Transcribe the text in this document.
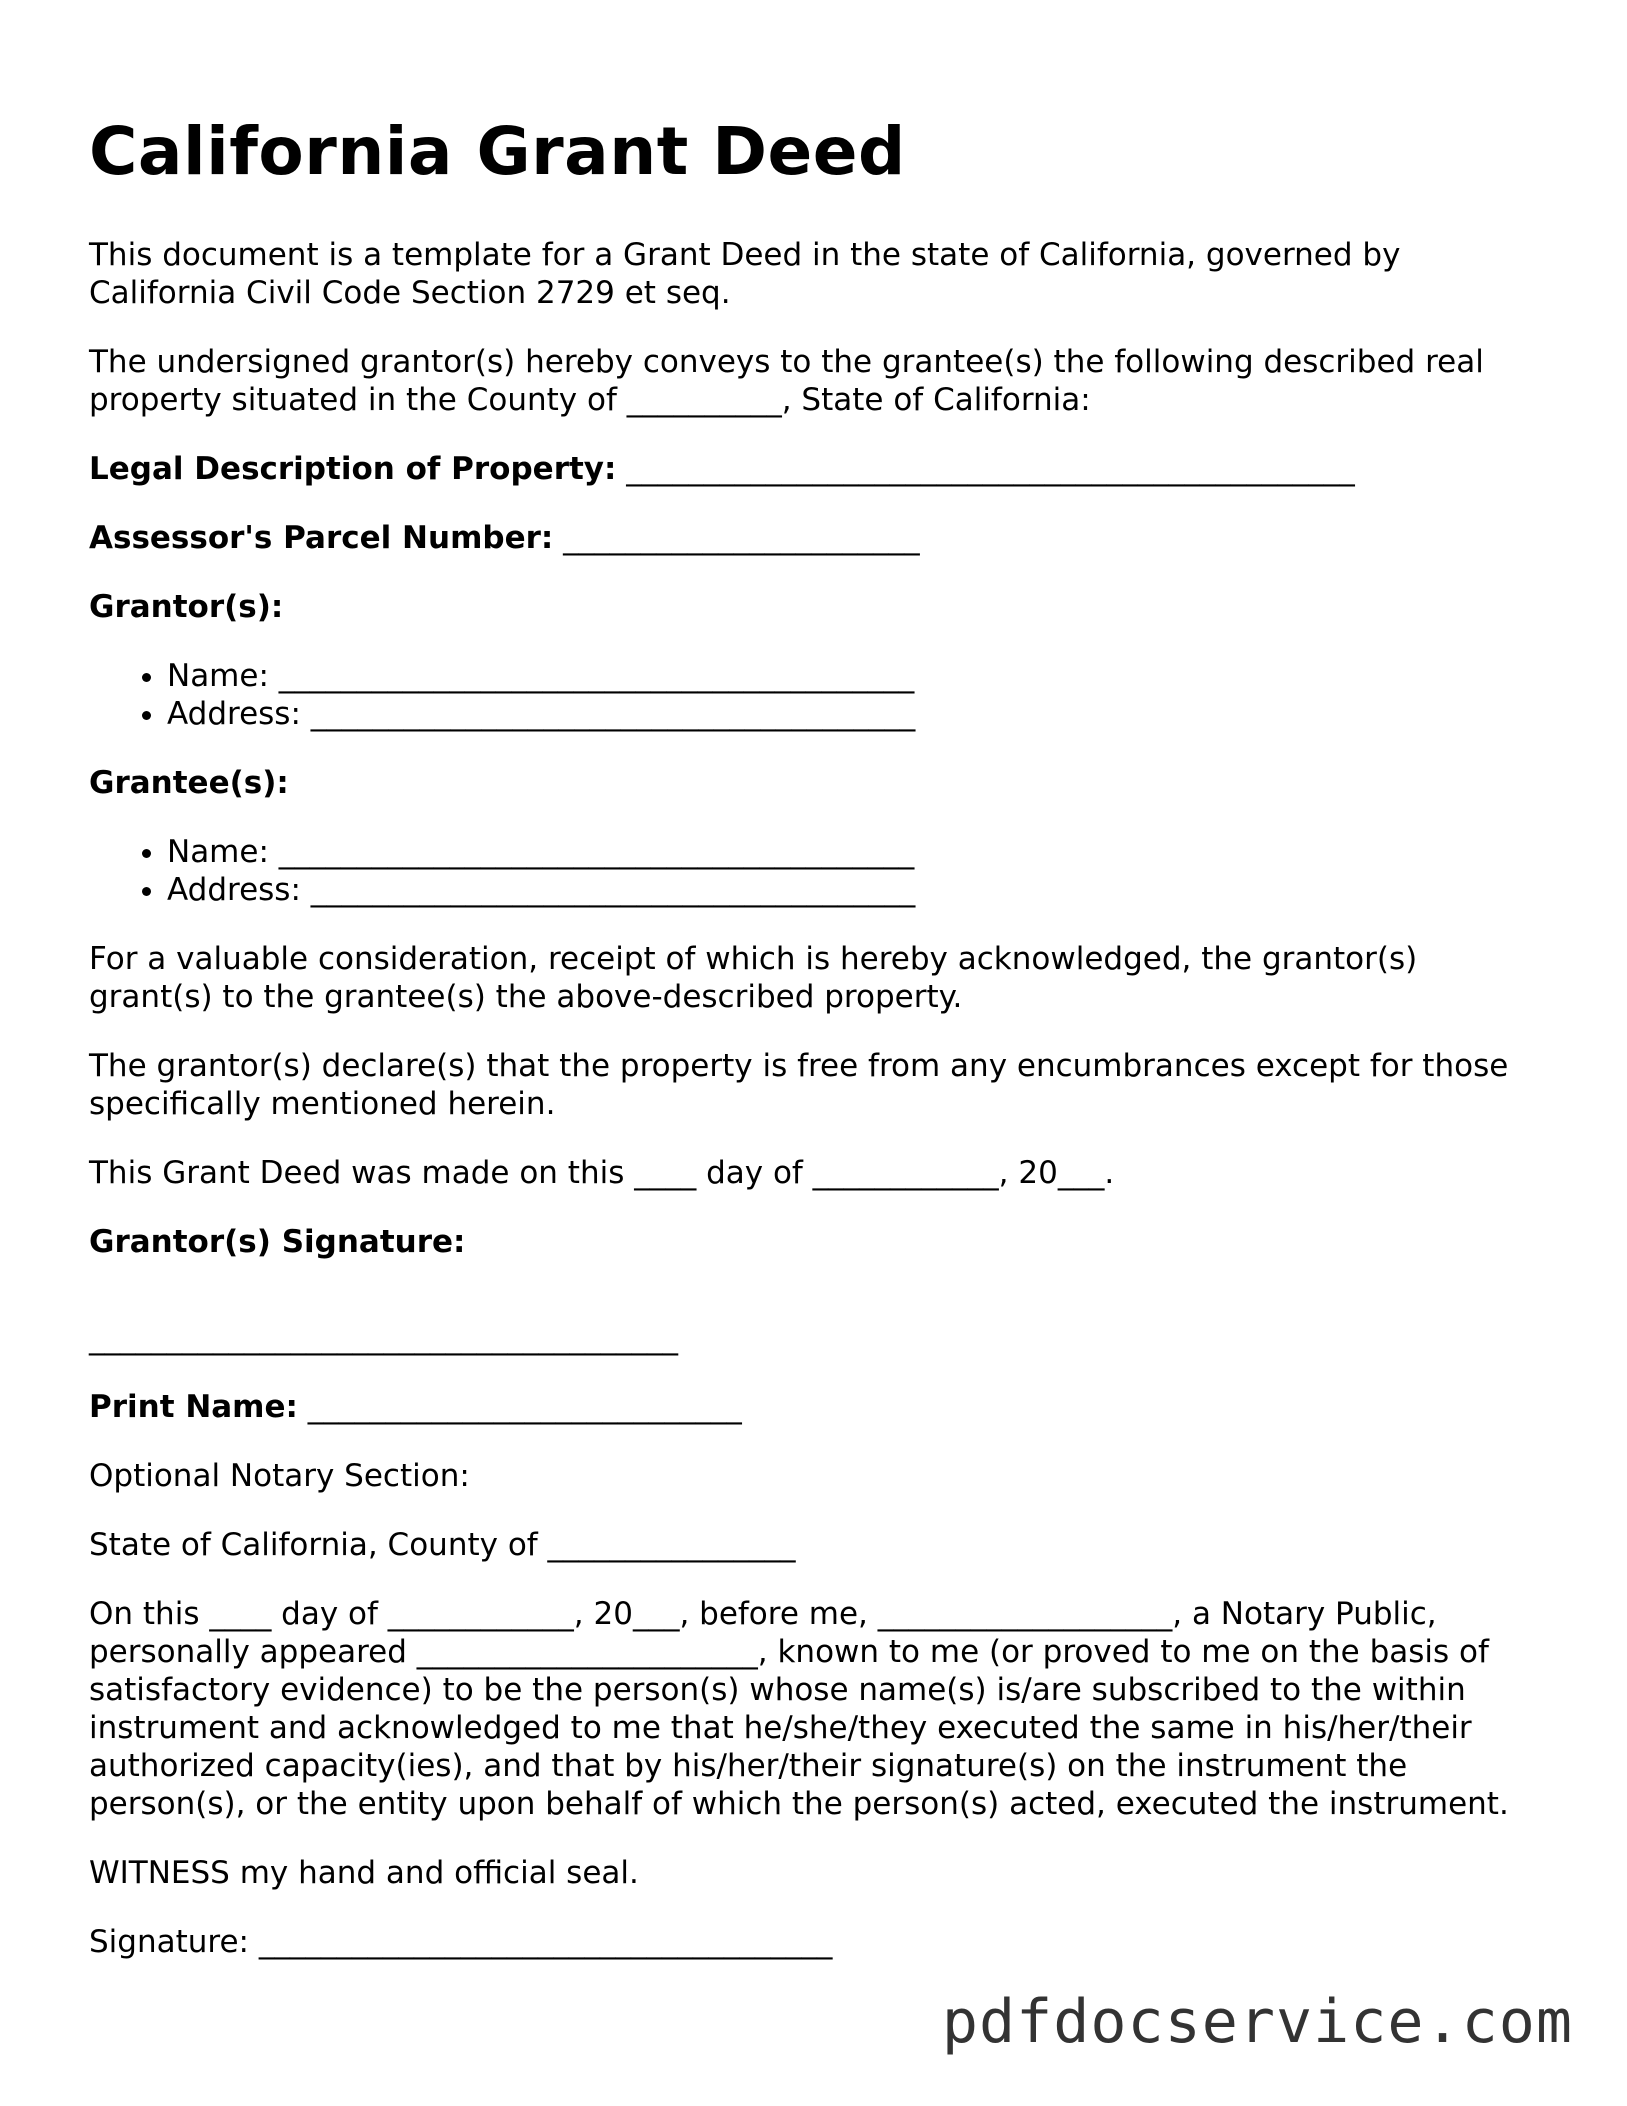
California Grant Deed

This document is a template for a Grant Deed in the state of California, governed by California Civil Code Section 2729 et seq.

The undersigned grantor(s) hereby conveys to the grantee(s) the following described real property situated in the County of __________, State of California:

Legal Description of Property: _______________________________________________

Assessor's Parcel Number: _______________________

Grantor(s):

• Name: _________________________________________
• Address: _______________________________________

Grantee(s):

• Name: _________________________________________
• Address: _______________________________________

For a valuable consideration, receipt of which is hereby acknowledged, the grantor(s) grant(s) to the grantee(s) the above-described property.

The grantor(s) declare(s) that the property is free from any encumbrances except for those specifically mentioned herein.

This Grant Deed was made on this ____ day of ____________, 20___.

Grantor(s) Signature:

______________________________________

Print Name: ____________________________

Optional Notary Section:

State of California, County of ________________

On this ____ day of ____________, 20___, before me, ___________________, a Notary Public, personally appeared ______________________, known to me (or proved to me on the basis of satisfactory evidence) to be the person(s) whose name(s) is/are subscribed to the within instrument and acknowledged to me that he/she/they executed the same in his/her/their authorized capacity(ies), and that by his/her/their signature(s) on the instrument the person(s), or the entity upon behalf of which the person(s) acted, executed the instrument.

WITNESS my hand and official seal.

Signature: _____________________________________

pdfdocservice.com
